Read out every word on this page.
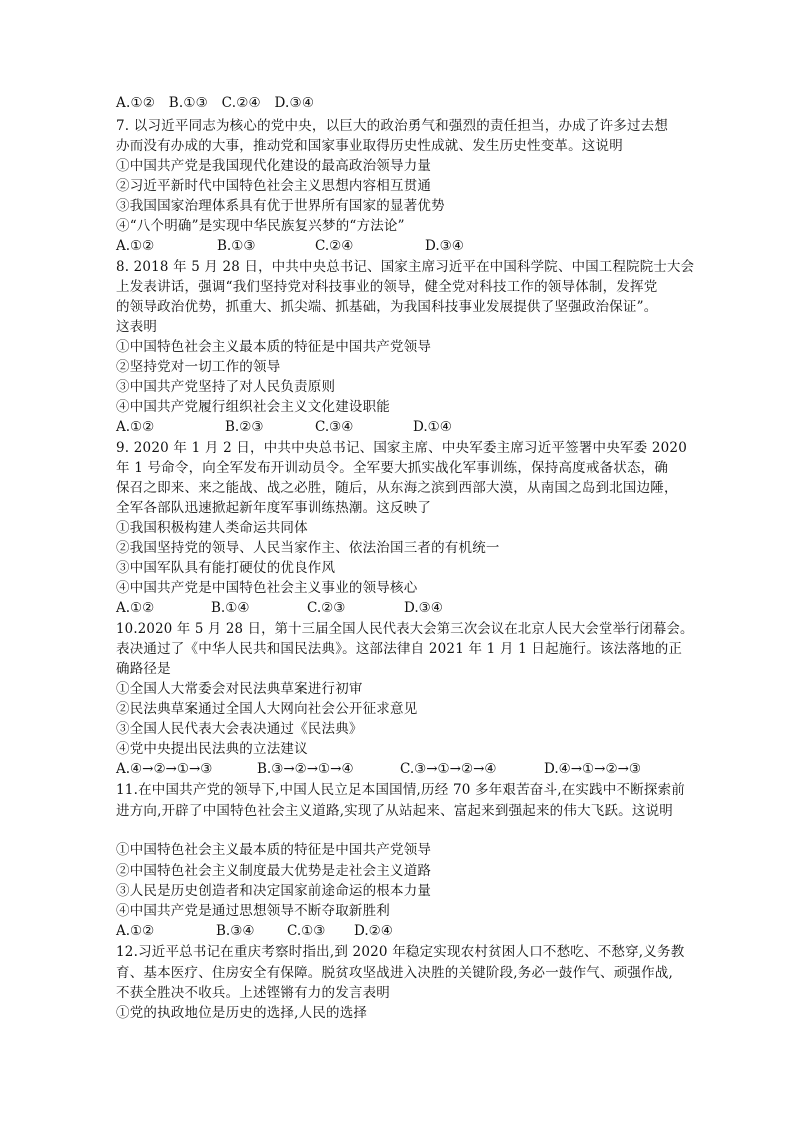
A.①②　B.①③　C.②④　D.③④
7. 以习近平同志为核心的党中央，以巨大的政治勇气和强烈的责任担当，办成了许多过去想
办而没有办成的大事，推动党和国家事业取得历史性成就、发生历史性变革。这说明
①中国共产党是我国现代化建设的最高政治领导力量
②习近平新时代中国特色社会主义思想内容相互贯通
③我国国家治理体系具有优于世界所有国家的显著优势
④“八个明确”是实现中华民族复兴梦的“方法论”
A.①②	B.①③	C.②④	D.③④
8. 2018 年 5 月 28 日，中共中央总书记、国家主席习近平在中国科学院、中国工程院院士大会
上发表讲话，强调“我们坚持党对科技事业的领导，健全党对科技工作的领导体制，发挥党
的领导政治优势，抓重大、抓尖端、抓基础，为我国科技事业发展提供了坚强政治保证”。
这表明
①中国特色社会主义最本质的特征是中国共产党领导
②坚持党对一切工作的领导
③中国共产党坚持了对人民负责原则
④中国共产党履行组织社会主义文化建设职能
A.①②	B.②③	C.③④	D.①④
9. 2020 年 1 月 2 日，中共中央总书记、国家主席、中央军委主席习近平签署中央军委 2020
年 1 号命令，向全军发布开训动员令。全军要大抓实战化军事训练，保持高度戒备状态，确
保召之即来、来之能战、战之必胜，随后，从东海之滨到西部大漠，从南国之岛到北国边陲，
全军各部队迅速掀起新年度军事训练热潮。这反映了
①我国积极构建人类命运共同体
②我国坚持党的领导、人民当家作主、依法治国三者的有机统一
③中国军队具有能打硬仗的优良作风
④中国共产党是中国特色社会主义事业的领导核心
A.①②	B.①④	C.②③	D.③④
10.2020 年 5 月 28 日，第十三届全国人民代表大会第三次会议在北京人民大会堂举行闭幕会。
表决通过了《中华人民共和国民法典》。这部法律自 2021 年 1 月 1 日起施行。该法落地的正
确路径是
①全国人大常委会对民法典草案进行初审
②民法典草案通过全国人大网向社会公开征求意见
③全国人民代表大会表决通过《民法典》
④党中央提出民法典的立法建议
A.④→②→①→③	B.③→②→①→④	C.③→①→②→④	D.④→①→②→③
11.在中国共产党的领导下,中国人民立足本国国情,历经 70 多年艰苦奋斗,在实践中不断探索前
进方向,开辟了中国特色社会主义道路,实现了从站起来、富起来到强起来的伟大飞跃。这说明
①中国特色社会主义最本质的特征是中国共产党领导
②中国特色社会主义制度最大优势是走社会主义道路
③人民是历史创造者和决定国家前途命运的根本力量
④中国共产党是通过思想领导不断夺取新胜利
A.①②	B.③④ C.①③ D.②④
12.习近平总书记在重庆考察时指出,到 2020 年稳定实现农村贫困人口不愁吃、不愁穿,义务教
育、基本医疗、住房安全有保障。脱贫攻坚战进入决胜的关键阶段,务必一鼓作气、顽强作战,
不获全胜决不收兵。上述铿锵有力的发言表明
①党的执政地位是历史的选择,人民的选择
